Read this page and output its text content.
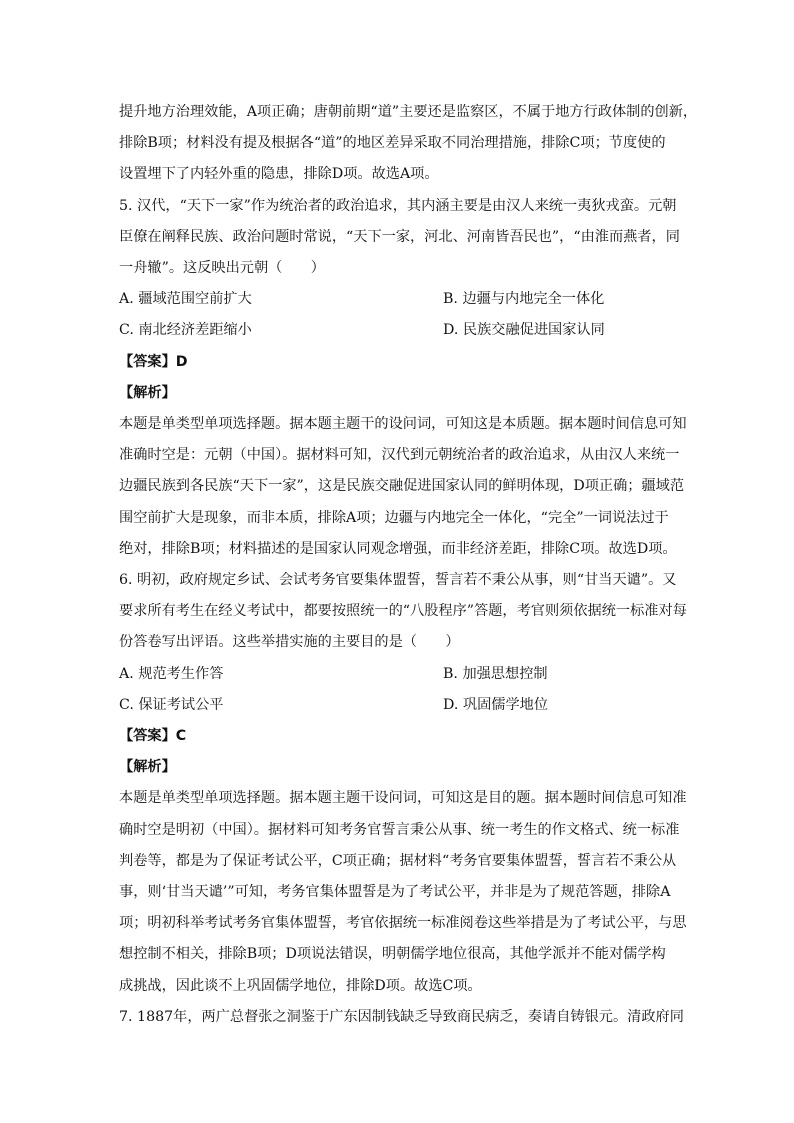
提升地方治理效能，A项正确；唐朝前期“道”主要还是监察区，不属于地方行政体制的创新，
排除B项；材料没有提及根据各“道”的地区差异采取不同治理措施，排除C项；节度使的
设置埋下了内轻外重的隐患，排除D项。故选A项。
5. 汉代，“天下一家”作为统治者的政治追求，其内涵主要是由汉人来统一夷狄戎蛮。元朝
臣僚在阐释民族、政治问题时常说，“天下一家，河北、河南皆吾民也”，“由淮而燕者，同
一舟辙”。这反映出元朝（　　）
A. 疆域范围空前扩大	B. 边疆与内地完全一体化
C. 南北经济差距缩小	D. 民族交融促进国家认同
【答案】D
【解析】
本题是单类型单项选择题。据本题主题干的设问词，可知这是本质题。据本题时间信息可知
准确时空是：元朝（中国）。据材料可知，汉代到元朝统治者的政治追求，从由汉人来统一
边疆民族到各民族“天下一家”，这是民族交融促进国家认同的鲜明体现，D项正确；疆域范
围空前扩大是现象，而非本质，排除A项；边疆与内地完全一体化，“完全”一词说法过于
绝对，排除B项；材料描述的是国家认同观念增强，而非经济差距，排除C项。故选D项。
6. 明初，政府规定乡试、会试考务官要集体盟誓，誓言若不秉公从事，则“甘当天谴”。又
要求所有考生在经义考试中，都要按照统一的“八股程序”答题，考官则须依据统一标准对每
份答卷写出评语。这些举措实施的主要目的是（　　）
A. 规范考生作答	B. 加强思想控制
C. 保证考试公平	D. 巩固儒学地位
【答案】C
【解析】
本题是单类型单项选择题。据本题主题干设问词，可知这是目的题。据本题时间信息可知准
确时空是明初（中国）。据材料可知考务官誓言秉公从事、统一考生的作文格式、统一标准
判卷等，都是为了保证考试公平，C项正确；据材料“考务官要集体盟誓，誓言若不秉公从
事，则‘甘当天谴’”可知，考务官集体盟誓是为了考试公平，并非是为了规范答题，排除A
项；明初科举考试考务官集体盟誓，考官依据统一标准阅卷这些举措是为了考试公平，与思
想控制不相关，排除B项；D项说法错误，明朝儒学地位很高，其他学派并不能对儒学构
成挑战，因此谈不上巩固儒学地位，排除D项。故选C项。
7. 1887年，两广总督张之洞鉴于广东因制钱缺乏导致商民病乏，奏请自铸银元。清政府同
